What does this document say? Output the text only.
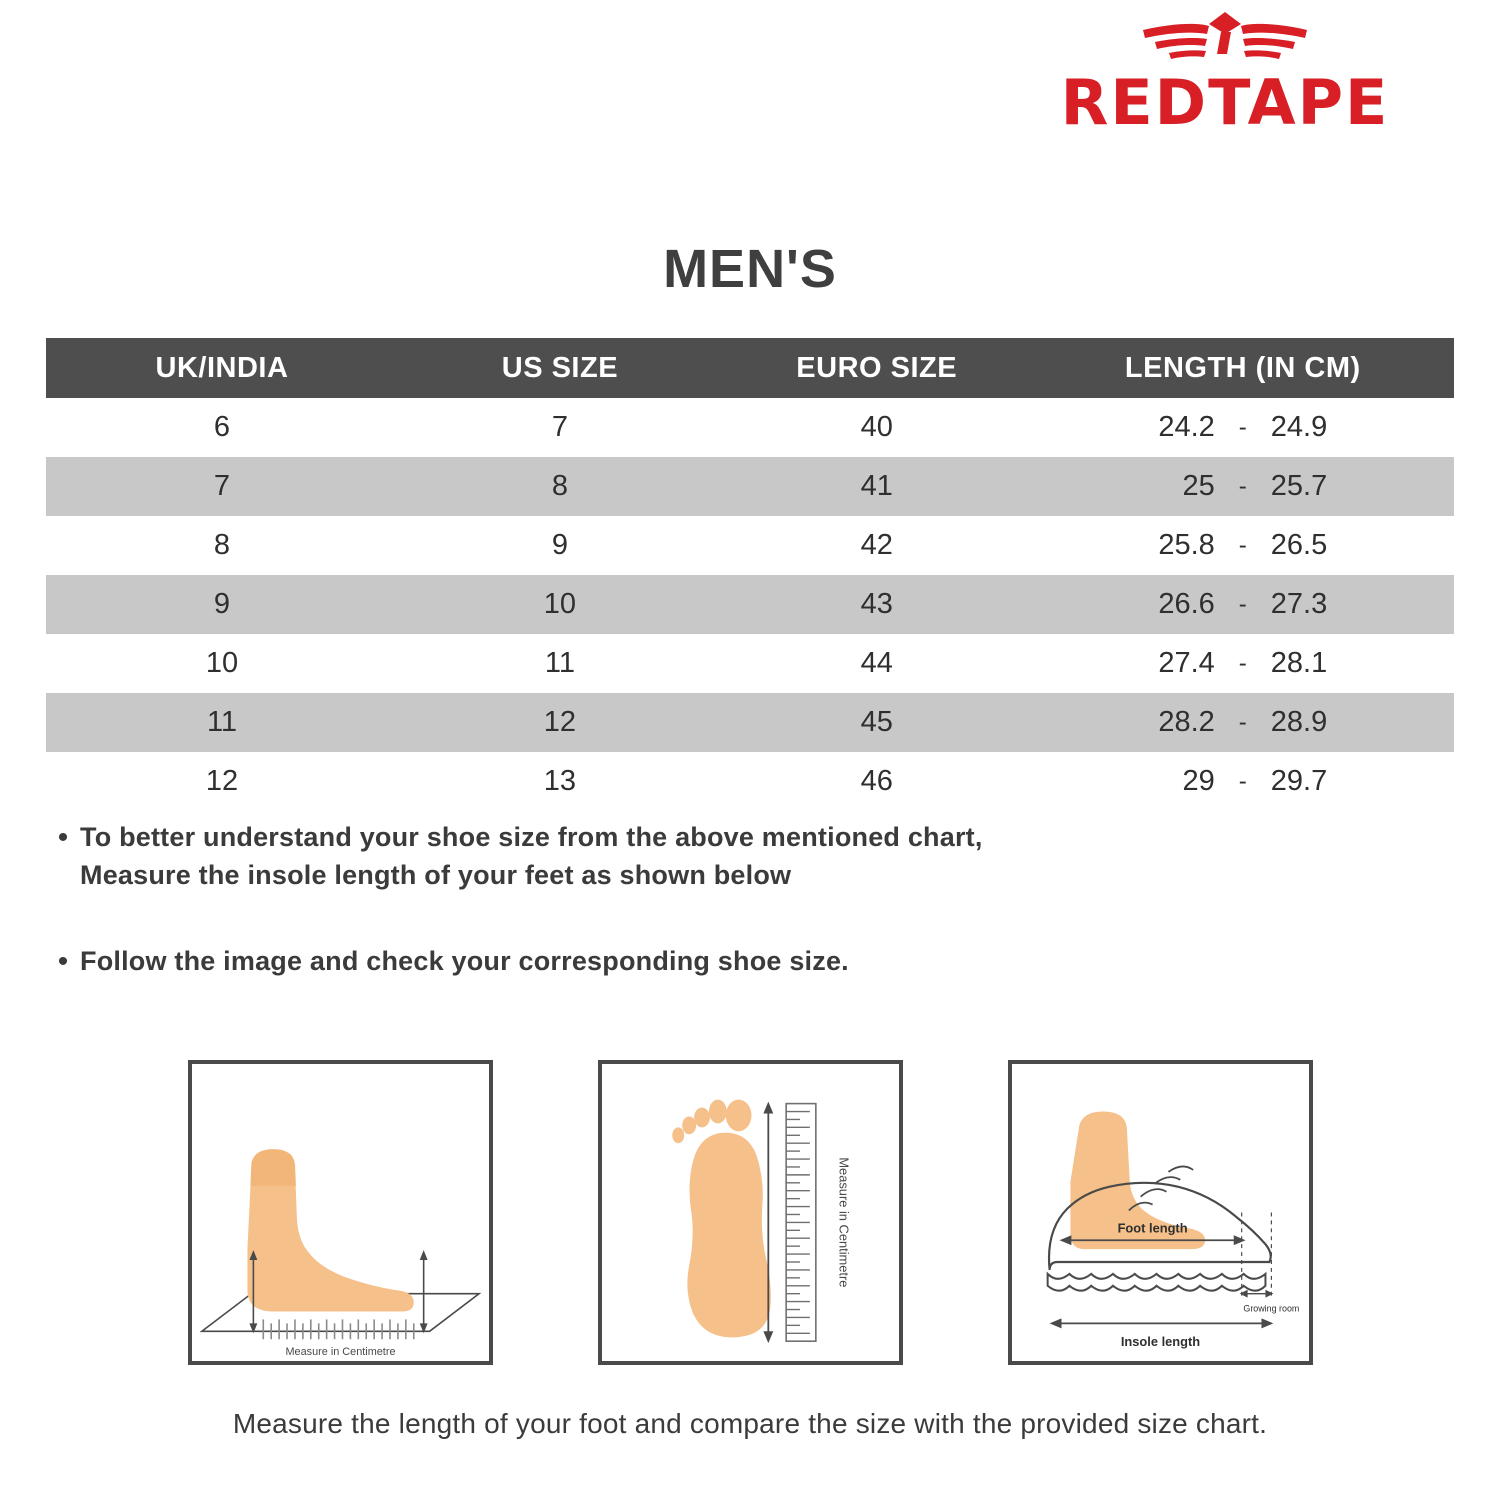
REDTAPE
MEN'S
UK/INDIA	US SIZE	EURO SIZE	LENGTH (IN CM)
6	7	40	24.2 - 24.9

7	8	41	25 - 25.7

8	9	42	25.8 - 26.5

9	10	43	26.6 - 27.3

10	11	44	27.4 - 28.1

11	12	45	28.2 - 28.9

12	13	46	29 - 29.7
• To better understand your shoe size from the above mentioned chart,
Measure the insole length of your feet as shown below
• Follow the image and check your corresponding shoe size.
Measure in Centimetre
Measure in Centimetre	Foot length
Growing room
Insole length
Measure the length of your foot and compare the size with the provided size chart.
